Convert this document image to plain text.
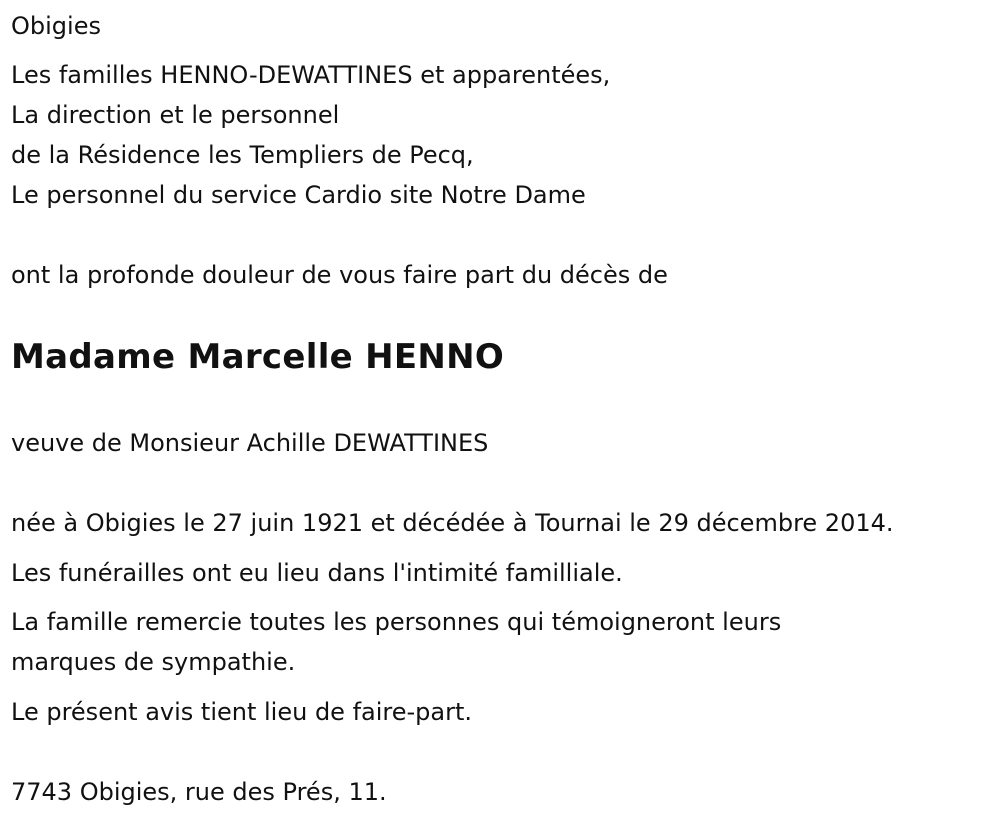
Obigies
Les familles HENNO-DEWATTINES et apparentées,
La direction et le personnel
de la Résidence les Templiers de Pecq,
Le personnel du service Cardio site Notre Dame
ont la profonde douleur de vous faire part du décès de
Madame Marcelle HENNO
veuve de Monsieur Achille DEWATTINES
née à Obigies le 27 juin 1921 et décédée à Tournai le 29 décembre 2014.
Les funérailles ont eu lieu dans l'intimité familliale.
La famille remercie toutes les personnes qui témoigneront leurs
marques de sympathie.
Le présent avis tient lieu de faire-part.
7743 Obigies, rue des Prés, 11.
